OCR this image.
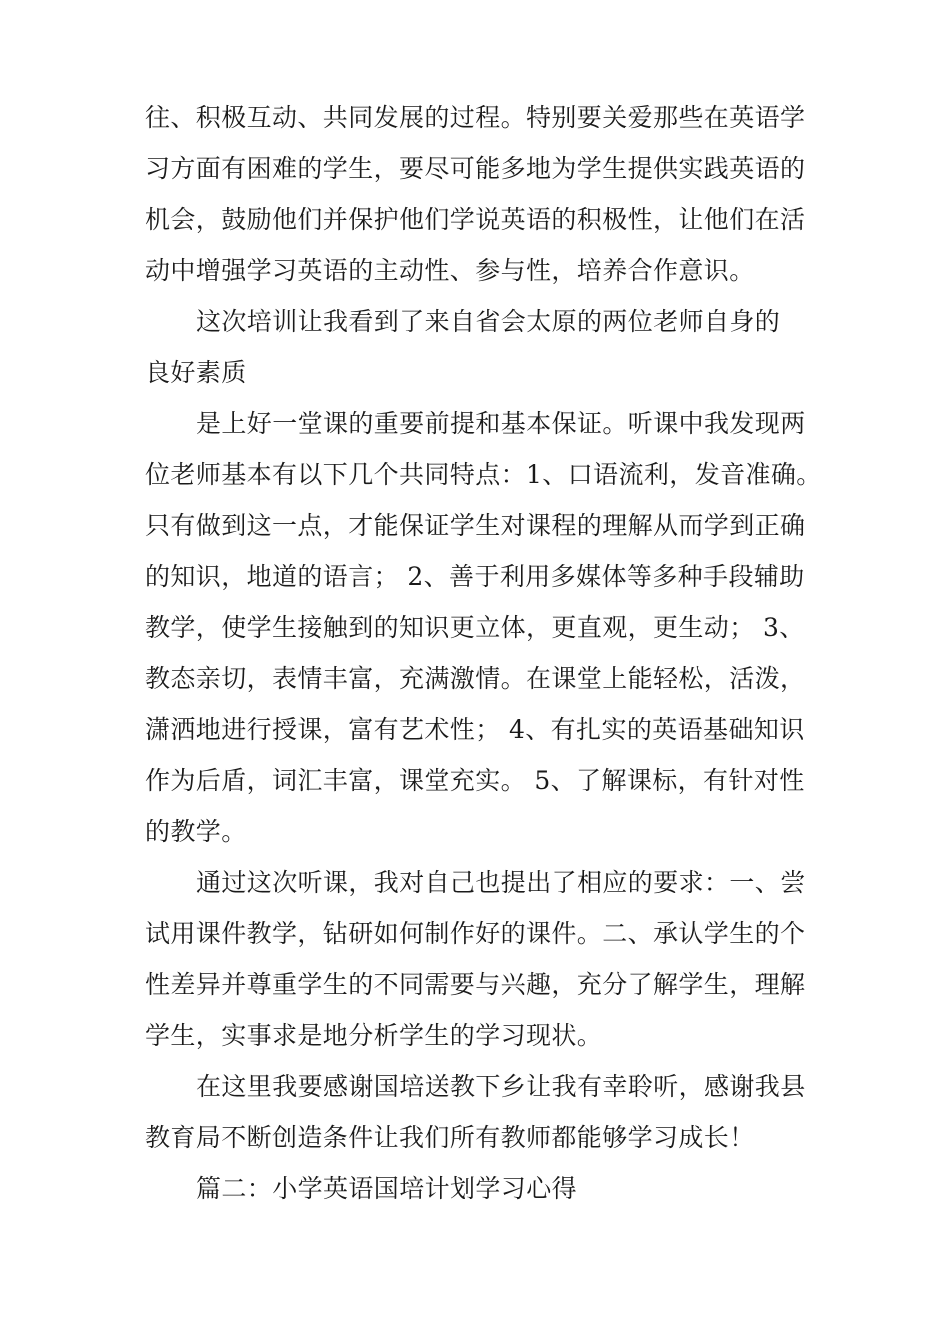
往、积极互动、共同发展的过程。特别要关爱那些在英语学
习方面有困难的学生，要尽可能多地为学生提供实践英语的
机会，鼓励他们并保护他们学说英语的积极性，让他们在活
动中增强学习英语的主动性、参与性，培养合作意识。
这次培训让我看到了来自省会太原的两位老师自身的
良好素质
是上好一堂课的重要前提和基本保证。听课中我发现两
位老师基本有以下几个共同特点：1、口语流利，发音准确。
只有做到这一点，才能保证学生对课程的理解从而学到正确
的知识，地道的语言； 2、善于利用多媒体等多种手段辅助
教学，使学生接触到的知识更立体，更直观，更生动； 3、
教态亲切，表情丰富，充满激情。在课堂上能轻松，活泼，
潇洒地进行授课，富有艺术性； 4、有扎实的英语基础知识
作为后盾，词汇丰富，课堂充实。 5、了解课标，有针对性
的教学。
通过这次听课，我对自己也提出了相应的要求：一、尝
试用课件教学，钻研如何制作好的课件。二、承认学生的个
性差异并尊重学生的不同需要与兴趣，充分了解学生，理解
学生，实事求是地分析学生的学习现状。
在这里我要感谢国培送教下乡让我有幸聆听，感谢我县
教育局不断创造条件让我们所有教师都能够学习成长！
篇二：小学英语国培计划学习心得
